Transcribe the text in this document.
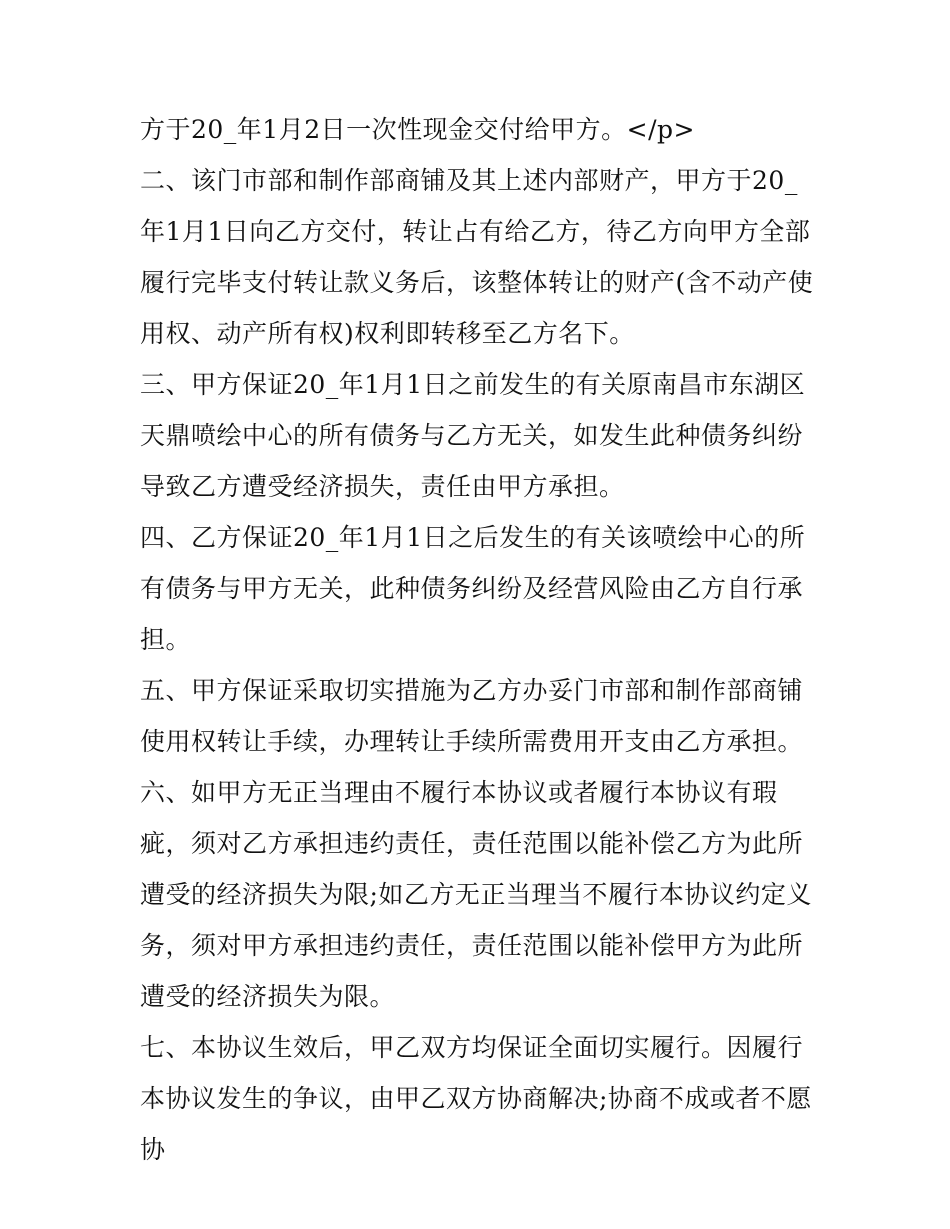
方于20_年1月2日一次性现金交付给甲方。</p>

二、该门市部和制作部商铺及其上述内部财产，甲方于20_年1月1日向乙方交付，转让占有给乙方，待乙方向甲方全部履行完毕支付转让款义务后，该整体转让的财产(含不动产使用权、动产所有权)权利即转移至乙方名下。

三、甲方保证20_年1月1日之前发生的有关原南昌市东湖区天鼎喷绘中心的所有债务与乙方无关，如发生此种债务纠纷导致乙方遭受经济损失，责任由甲方承担。

四、乙方保证20_年1月1日之后发生的有关该喷绘中心的所有债务与甲方无关，此种债务纠纷及经营风险由乙方自行承担。

五、甲方保证采取切实措施为乙方办妥门市部和制作部商铺使用权转让手续，办理转让手续所需费用开支由乙方承担。

六、如甲方无正当理由不履行本协议或者履行本协议有瑕疵，须对乙方承担违约责任，责任范围以能补偿乙方为此所遭受的经济损失为限;如乙方无正当理当不履行本协议约定义务，须对甲方承担违约责任，责任范围以能补偿甲方为此所遭受的经济损失为限。

七、本协议生效后，甲乙双方均保证全面切实履行。因履行本协议发生的争议，由甲乙双方协商解决;协商不成或者不愿协
